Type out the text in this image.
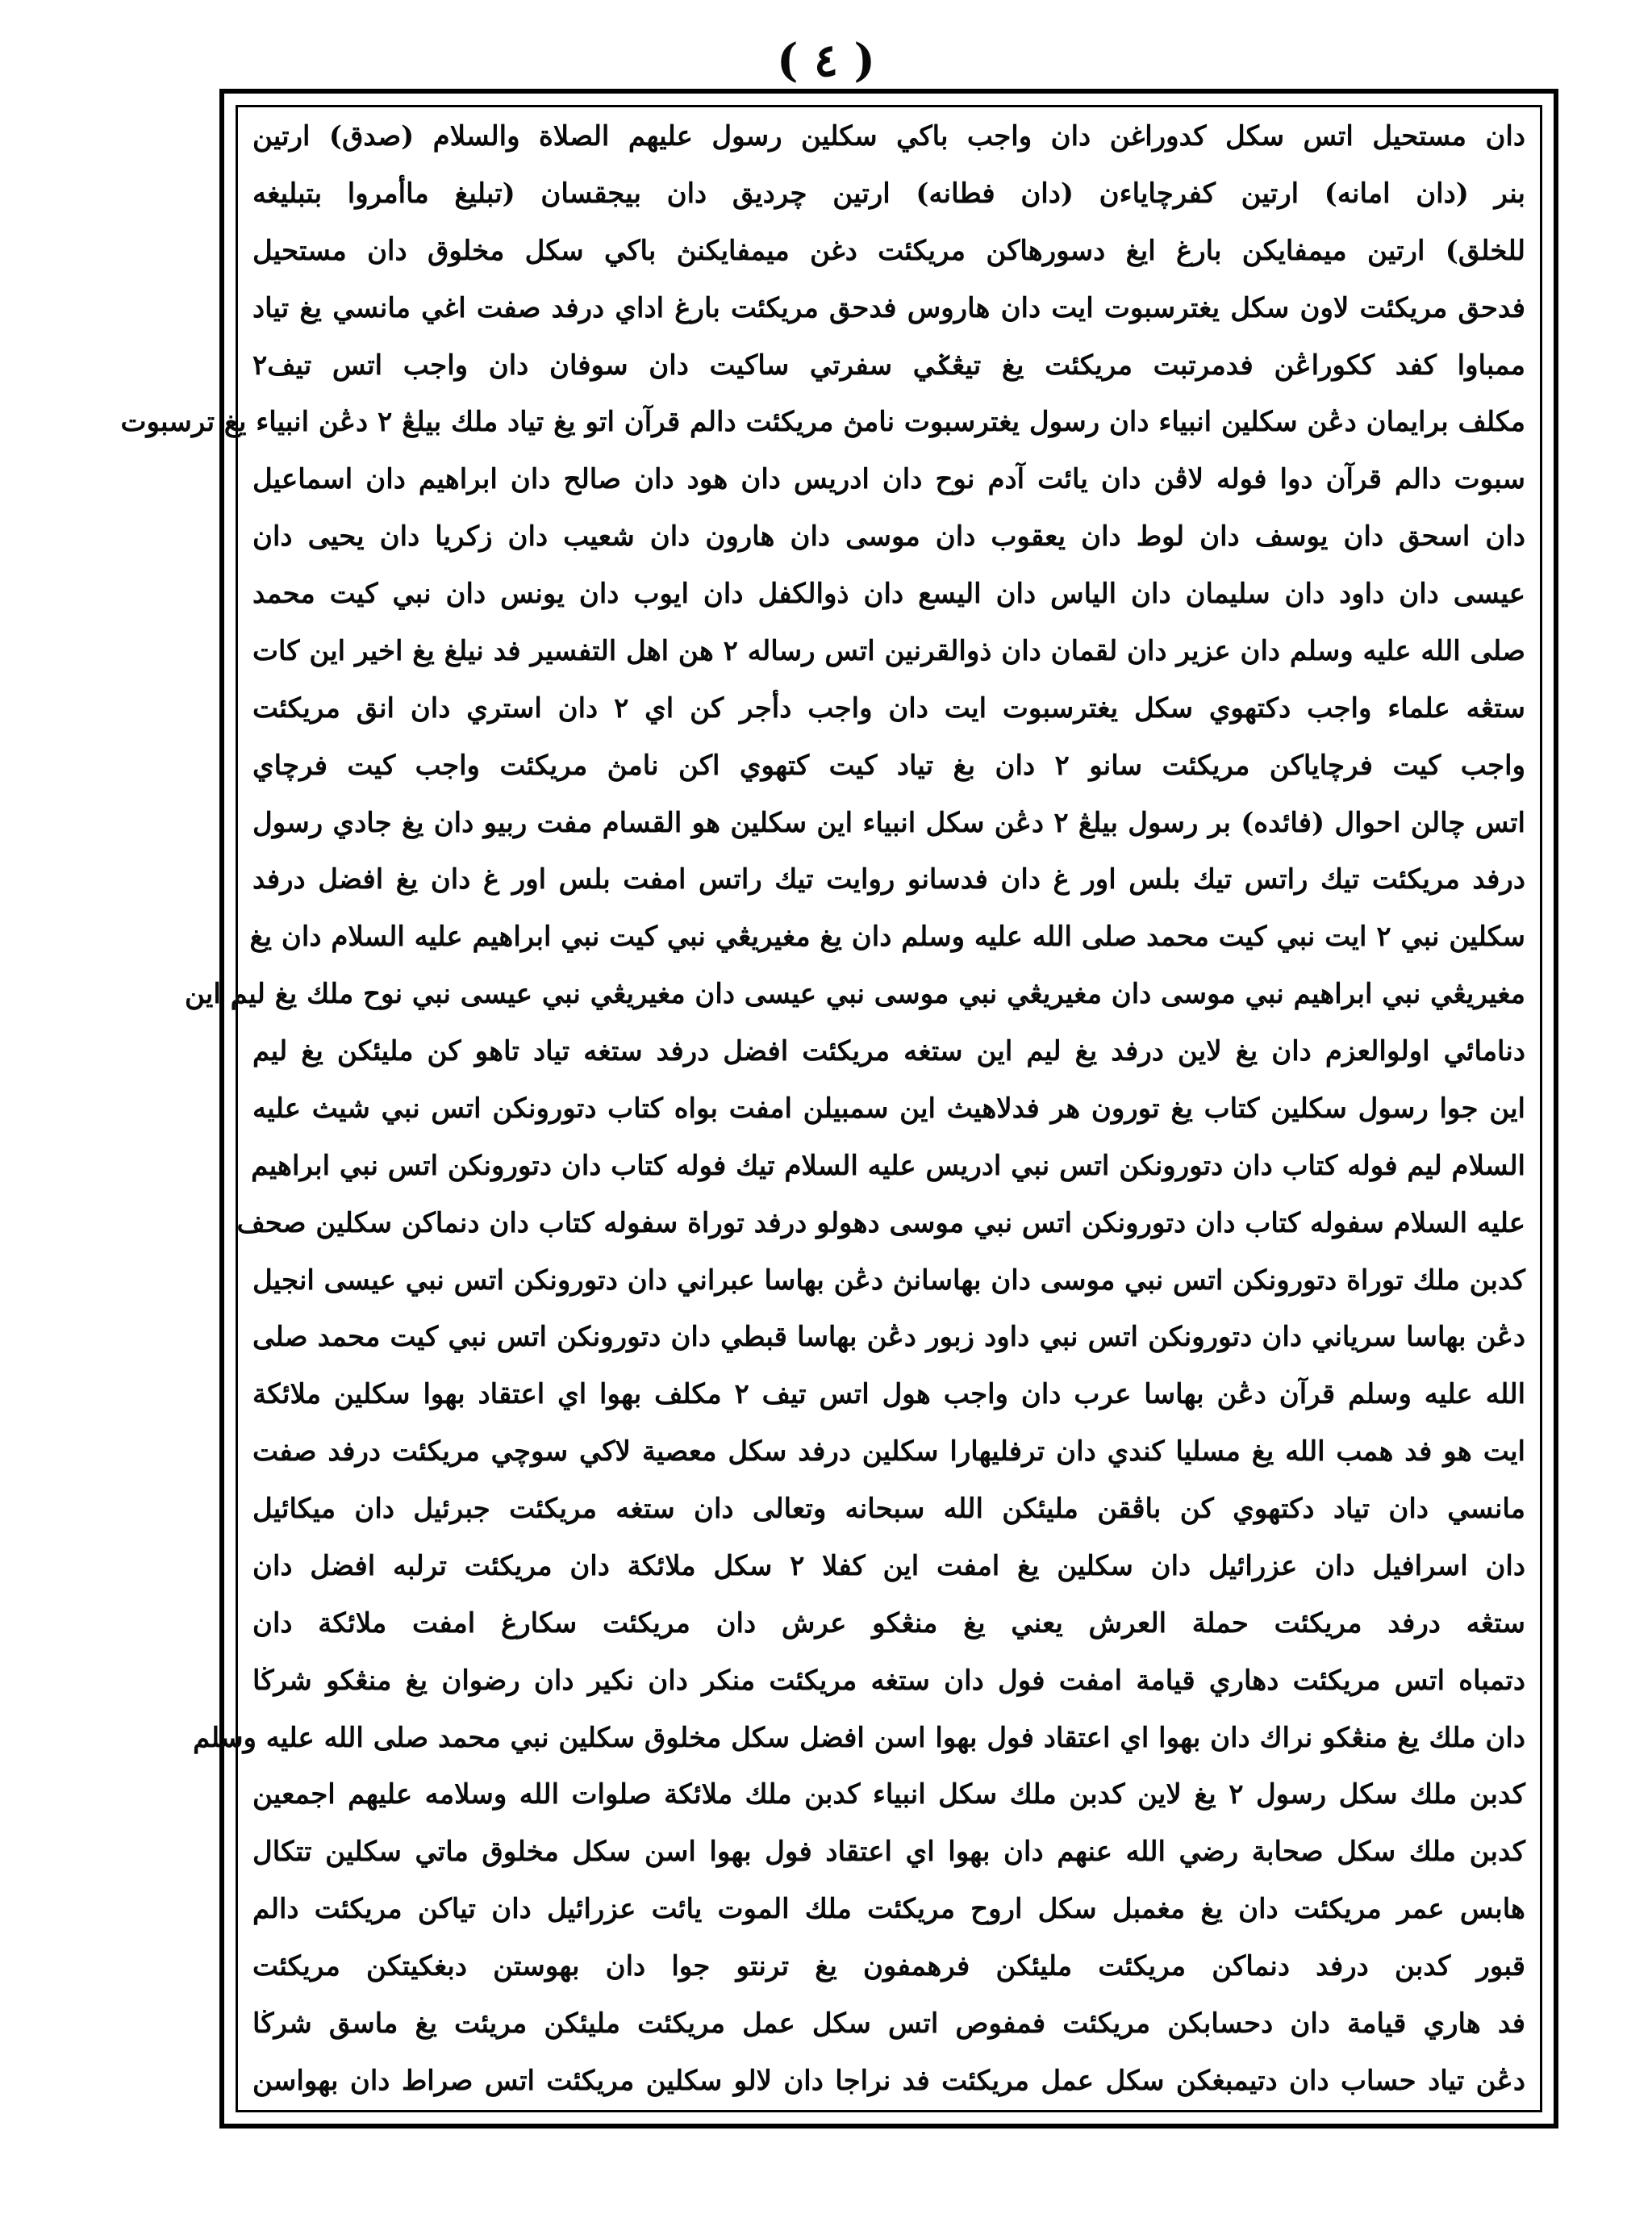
( ٤ )
دان مستحيل اتس سكل كدوراغن دان واجب باكي سكلين رسول عليهم الصلاة والسلام (صدق) ارتين
بنر (دان امانه) ارتين كفرچاياءن (دان فطانه) ارتين چرديق دان بيجقسان (تبليغ ماأمروا بتبليغه
للخلق) ارتين ميمفايكن بارغ ايغ دسورهاكن مريكئت دغن ميمفايكنڽ باكي سكل مخلوق دان مستحيل
فدحق مريكئت لاون سكل يغترسبوت ايت دان هاروس فدحق مريكئت بارغ اداي درفد صفت اغي مانسي يغ تياد
ممباوا كفد ككوراڠن فدمرتبت مريكئت يغ تيڠݢي سفرتي ساكيت دان سوفان دان واجب اتس تيف٢
مكلف برايمان دڠن سكلين انبياء دان رسول يغترسبوت نامڽ مريكئت دالم قرآن اتو يغ تياد ملك بيلڠ ٢ دڠن انبياء يغ ترسبوت
سبوت دالم قرآن دوا فوله لاڤن دان يائت آدم نوح دان ادريس دان هود دان صالح دان ابراهيم دان اسماعيل
دان اسحق دان يوسف دان لوط دان يعقوب دان موسى دان هارون دان شعيب دان زكريا دان يحيى دان
عيسى دان داود دان سليمان دان الياس دان اليسع دان ذوالكفل دان ايوب دان يونس دان نبي كيت محمد
صلى الله عليه وسلم دان عزير دان لقمان دان ذوالقرنين اتس رساله ٢ هن اهل التفسير فد نيلغ يغ اخير اين كات
ستڠه علماء واجب دكتهوي سكل يغترسبوت ايت دان واجب دأجر كن اي ٢ دان استري دان انق مريكئت
واجب كيت فرچاياكن مريكئت سانو ٢ دان بغ تياد كيت كتهوي اكن نامڽ مريكئت واجب كيت فرچاي
اتس چالن احوال (فائده) بر رسول بيلڠ ٢ دڠن سكل انبياء اين سكلين هو القسام مفت ربيو دان يغ جادي رسول
درفد مريكئت تيك راتس تيك بلس اور غ دان فدسانو روايت تيك راتس امفت بلس اور غ دان يغ افضل درفد
سكلين نبي ٢ ايت نبي كيت محمد صلى الله عليه وسلم دان يغ مغيريڠي نبي كيت نبي ابراهيم عليه السلام دان يغ
مغيريڠي نبي ابراهيم نبي موسى دان مغيريڠي نبي موسى نبي عيسى دان مغيريڠي نبي عيسى نبي نوح ملك يغ ليم اين
دنامائي اولوالعزم دان يغ لاين درفد يغ ليم اين ستغه مريكئت افضل درفد ستغه تياد تاهو كن مليئكن يغ ليم
اين جوا رسول سكلين كتاب يغ تورون هر فدلاهيث اين سمبيلن امفت بواه كتاب دتورونكن اتس نبي شيث عليه
السلام ليم فوله كتاب دان دتورونكن اتس نبي ادريس عليه السلام تيك فوله كتاب دان دتورونكن اتس نبي ابراهيم
عليه السلام سفوله كتاب دان دتورونكن اتس نبي موسى دهولو درفد توراة سفوله كتاب دان دنماكن سكلين صحف
كدبن ملك توراة دتورونكن اتس نبي موسى دان بهاسانڽ دڠن بهاسا عبراني دان دتورونكن اتس نبي عيسى انجيل
دڠن بهاسا سرياني دان دتورونكن اتس نبي داود زبور دڠن بهاسا قبطي دان دتورونكن اتس نبي كيت محمد صلى
الله عليه وسلم قرآن دڠن بهاسا عرب دان واجب هول اتس تيف ٢ مكلف بهوا اي اعتقاد بهوا سكلين ملائكة
ايت هو فد همب الله يغ مسليا كندي دان ترفليهارا سكلين درفد سكل معصية لاكي سوچي مريكئت درفد صفت
مانسي دان تياد دكتهوي كن باڤقن مليئكن الله سبحانه وتعالى دان ستغه مريكئت جبرئيل دان ميكائيل
دان اسرافيل دان عزرائيل دان سكلين يغ امفت اين كفلا ٢ سكل ملائكة دان مريكئت ترلبه افضل دان
ستڠه درفد مريكئت حملة العرش يعني يغ منڠكو عرش دان مريكئت سكارغ امفت ملائكة دان
دتمباه اتس مريكئت دهاري قيامة امفت فول دان ستغه مريكئت منكر دان نكير دان رضوان يغ منڠكو شرڬا
دان ملك يغ منڠكو نراك دان بهوا اي اعتقاد فول بهوا اسن افضل سكل مخلوق سكلين نبي محمد صلى الله عليه وسلم
كدبن ملك سكل رسول ٢ يغ لاين كدبن ملك سكل انبياء كدبن ملك ملائكة صلوات الله وسلامه عليهم اجمعين
كدبن ملك سكل صحابة رضي الله عنهم دان بهوا اي اعتقاد فول بهوا اسن سكل مخلوق ماتي سكلين تتكال
هابس عمر مريكئت دان يغ مغمبل سكل اروح مريكئت ملك الموت يائت عزرائيل دان تياكن مريكئت دالم
قبور كدبن درفد دنماكن مريكئت مليئكن فرهمفون يغ ترنتو جوا دان بهوستن دبغكيتكن مريكئت
فد هاري قيامة دان دحسابكن مريكئت فمفوص اتس سكل عمل مريكئت مليئكن مريئت يغ ماسق شرڬا
دڠن تياد حساب دان دتيمبغكن سكل عمل مريكئت فد نراجا دان لالو سكلين مريكئت اتس صراط دان بهواسن
